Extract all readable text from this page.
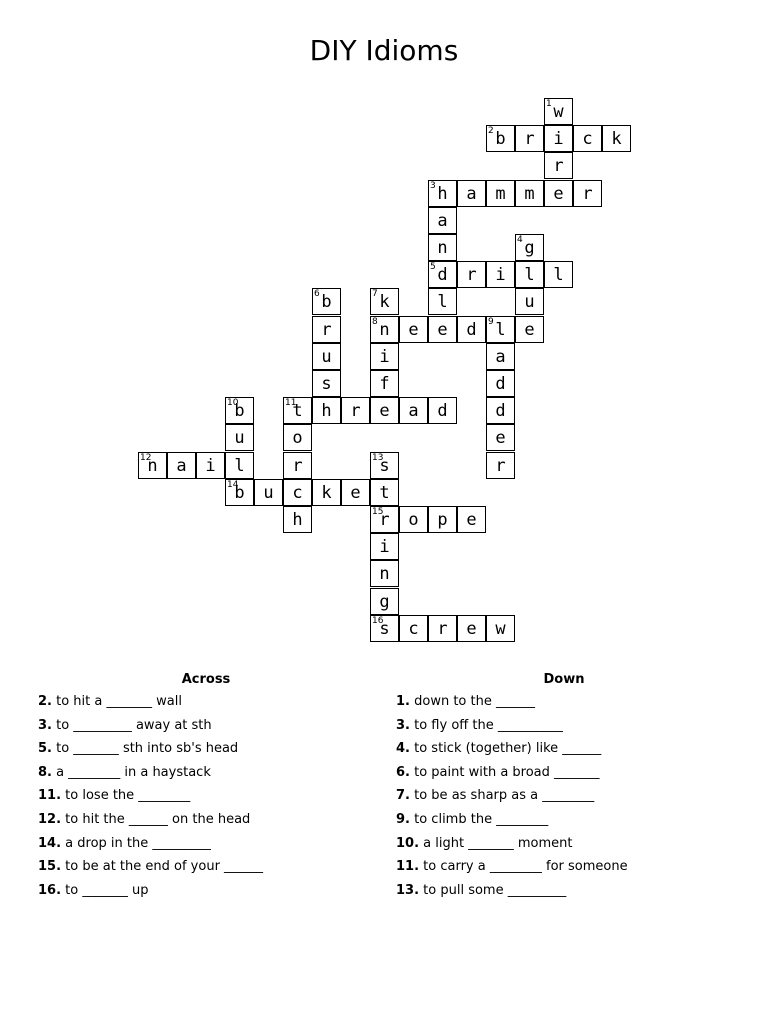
DIY Idioms
1 w
2 b	r	i	c	k
r
3 h	a	m	m	e	r
a
n	4 g
5 d	r	i	l	l
6 b	7 k	l	u
r	8 n	e	e	d	9 l	e
u	i	a
s	f	d
10
b	11
t	h	r	e	a	d	d
u	o	e
12
n	a	i	l	r	13
s	r
14
b	u	c	k	e	t
h	15
r	o	p	e
i
n
g
16
s	c	r	e	w
Across
2. to hit a _______ wall
3. to _________ away at sth
5. to _______ sth into sb's head
8. a ________ in a haystack
11. to lose the ________
12. to hit the ______ on the head
14. a drop in the _________
15. to be at the end of your ______
16. to _______ up
Down
1. down to the ______
3. to fly off the __________
4. to stick (together) like ______
6. to paint with a broad _______
7. to be as sharp as a ________
9. to climb the ________
10. a light _______ moment
11. to carry a ________ for someone
13. to pull some _________
